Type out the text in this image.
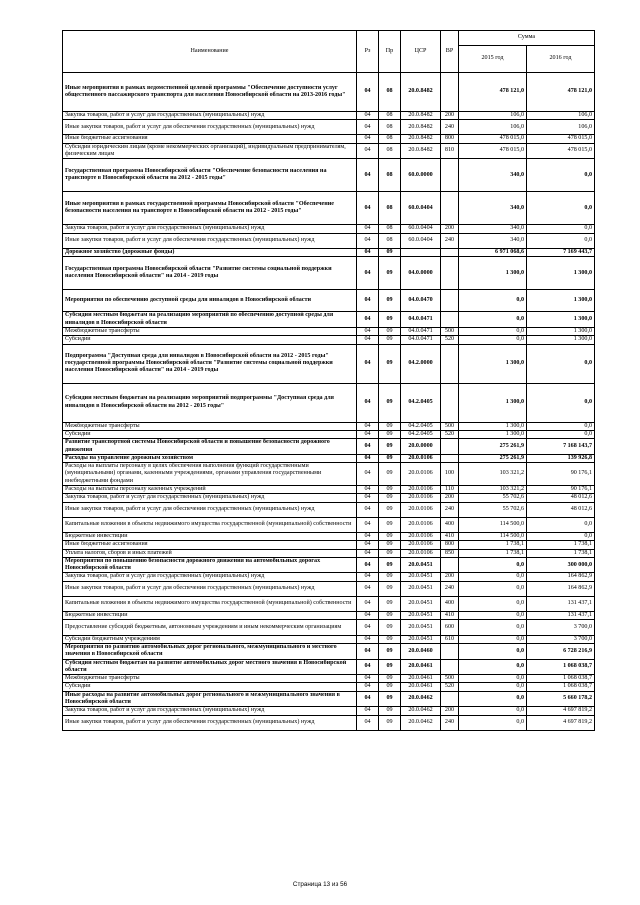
Наименование	Рз	Пр	ЦСР	ВР	Сумма	
					2015 год	2016 год
Иные мероприятия в рамках ведомственной целевой программы "Обеспечение доступности услуг общественного пассажирского транспорта для населения Новосибирской области на 2013-2016 годы"	04	08	20.0.8482		478 121,0	478 121,0
Закупка товаров, работ и услуг для государственных (муниципальных) нужд	04	08	20.0.8482	200	106,0	106,0
Иные закупки товаров, работ и услуг для обеспечения государственных (муниципальных) нужд	04	08	20.0.8482	240	106,0	106,0
Иные бюджетные ассигнования	04	08	20.0.8482	800	478 015,0	478 015,0
Субсидии юридическим лицам (кроме некоммерческих организаций), индивидуальным предпринимателям, физическим лицам	04	08	20.0.8482	810	478 015,0	478 015,0
Государственная программа Новосибирской области "Обеспечение безопасности населения на транспорте в Новосибирской области на 2012 - 2015 годы"	04	08	60.0.0000		340,0	0,0
Иные мероприятия в рамках государственной программы Новосибирской области "Обеспечение безопасности населения на транспорте в Новосибирской области на 2012 - 2015 годы"	04	08	60.0.0404		340,0	0,0
Закупка товаров, работ и услуг для государственных (муниципальных) нужд	04	08	60.0.0404	200	340,0	0,0
Иные закупки товаров, работ и услуг для обеспечения государственных (муниципальных) нужд	04	08	60.0.0404	240	340,0	0,0
Дорожное хозяйство (дорожные фонды)	04	09			6 971 068,6	7 169 443,7
Государственная программа Новосибирской области "Развитие системы социальной поддержки населения Новосибирской области" на 2014 - 2019 годы	04	09	04.0.0000		1 300,0	1 300,0
Мероприятия по обеспечению доступной среды для инвалидов в Новосибирской области	04	09	04.0.0470		0,0	1 300,0
Субсидии местным бюджетам на реализацию мероприятий по обеспечению доступной среды для инвалидов в Новосибирской области	04	09	04.0.0471		0,0	1 300,0
Межбюджетные трансферты	04	09	04.0.0471	500	0,0	1 300,0
Субсидии	04	09	04.0.0471	520	0,0	1 300,0
Подпрограмма "Доступная среда для инвалидов в Новосибирской области на 2012 - 2015 годы" государственной программы Новосибирской области "Развитие системы социальной поддержки населения Новосибирской области" на 2014 - 2019 годы	04	09	04.2.0000		1 300,0	0,0
Субсидии местным бюджетам на реализацию мероприятий подпрограммы "Доступная среда для инвалидов в Новосибирской области на 2012 - 2015 годы"	04	09	04.2.0405		1 300,0	0,0
Межбюджетные трансферты	04	09	04.2.0405	500	1 300,0	0,0
Субсидии	04	09	04.2.0405	520	1 300,0	0,0
Развитие транспортной системы Новосибирской области и повышение безопасности дорожного движения	04	09	20.0.0000		275 261,9	7 168 143,7
Расходы на управление дорожным хозяйством	04	09	20.0.0106		275 261,9	139 926,8
Расходы на выплаты персоналу в целях обеспечения выполнения функций государственными (муниципальными) органами, казенными учреждениями, органами управления государственными внебюджетными фондами	04	09	20.0.0106	100	103 321,2	90 176,1
Расходы на выплаты персоналу казенных учреждений	04	09	20.0.0106	110	103 321,2	90 176,1
Закупка товаров, работ и услуг для государственных (муниципальных) нужд	04	09	20.0.0106	200	55 702,6	48 012,6
Иные закупки товаров, работ и услуг для обеспечения государственных (муниципальных) нужд	04	09	20.0.0106	240	55 702,6	48 012,6
Капитальные вложения в объекты недвижимого имущества государственной (муниципальной) собственности	04	09	20.0.0106	400	114 500,0	0,0
Бюджетные инвестиции	04	09	20.0.0106	410	114 500,0	0,0
Иные бюджетные ассигнования	04	09	20.0.0106	800	1 738,1	1 738,1
Уплата налогов, сборов и иных платежей	04	09	20.0.0106	850	1 738,1	1 738,1
Мероприятия по повышению безопасности дорожного движения на автомобильных дорогах Новосибирской области	04	09	20.0.0451		0,0	300 000,0
Закупка товаров, работ и услуг для государственных (муниципальных) нужд	04	09	20.0.0451	200	0,0	164 862,9
Иные закупки товаров, работ и услуг для обеспечения государственных (муниципальных) нужд	04	09	20.0.0451	240	0,0	164 862,9
Капитальные вложения в объекты недвижимого имущества государственной (муниципальной) собственности	04	09	20.0.0451	400	0,0	131 437,1
Бюджетные инвестиции	04	09	20.0.0451	410	0,0	131 437,1
Предоставление субсидий бюджетным, автономным учреждениям и иным некоммерческим организациям	04	09	20.0.0451	600	0,0	3 700,0
Субсидии бюджетным учреждениям	04	09	20.0.0451	610	0,0	3 700,0
Мероприятия по развитию автомобильных дорог регионального, межмуниципального и местного значения в Новосибирской области	04	09	20.0.0460		0,0	6 728 216,9
Субсидии местным бюджетам на развитие автомобильных дорог местного значения в Новосибирской области	04	09	20.0.0461		0,0	1 068 038,7
Межбюджетные трансферты	04	09	20.0.0461	500	0,0	1 068 038,7
Субсидии	04	09	20.0.0461	520	0,0	1 068 038,7
Иные расходы на развитие автомобильных дорог регионального и межмуниципального значения в Новосибирской области	04	09	20.0.0462		0,0	5 660 178,2
Закупка товаров, работ и услуг для государственных (муниципальных) нужд	04	09	20.0.0462	200	0,0	4 697 819,2
Иные закупки товаров, работ и услуг для обеспечения государственных (муниципальных) нужд	04	09	20.0.0462	240	0,0	4 697 819,2
Страница 13 из 56
